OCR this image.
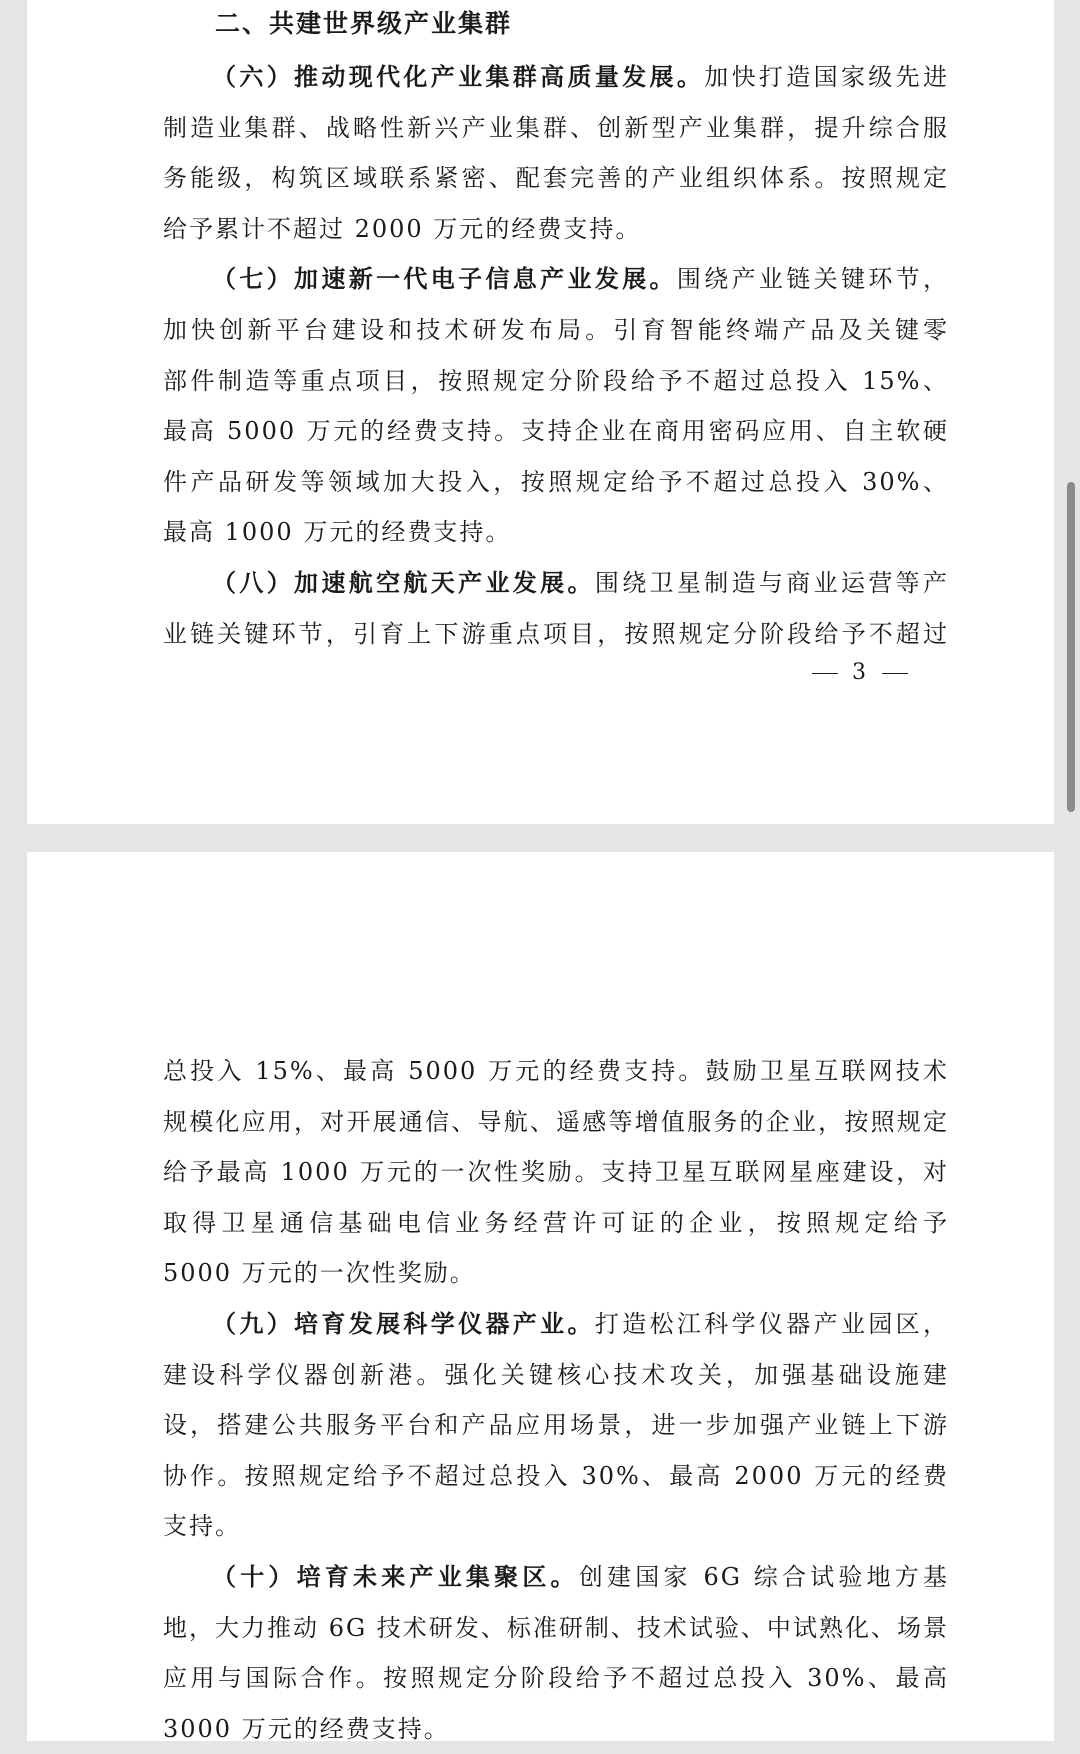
二、共建世界级产业集群
（六）推动现代化产业集群高质量发展。加快打造国家级先进
制造业集群、战略性新兴产业集群、创新型产业集群，提升综合服
务能级，构筑区域联系紧密、配套完善的产业组织体系。按照规定
给予累计不超过 2000 万元的经费支持。
（七）加速新一代电子信息产业发展。围绕产业链关键环节，
加快创新平台建设和技术研发布局。引育智能终端产品及关键零
部件制造等重点项目，按照规定分阶段给予不超过总投入 15%、
最高 5000 万元的经费支持。支持企业在商用密码应用、自主软硬
件产品研发等领域加大投入，按照规定给予不超过总投入 30%、
最高 1000 万元的经费支持。
（八）加速航空航天产业发展。围绕卫星制造与商业运营等产
业链关键环节，引育上下游重点项目，按照规定分阶段给予不超过
3
总投入 15%、最高 5000 万元的经费支持。鼓励卫星互联网技术
规模化应用，对开展通信、导航、遥感等增值服务的企业，按照规定
给予最高 1000 万元的一次性奖励。支持卫星互联网星座建设，对
取得卫星通信基础电信业务经营许可证的企业，按照规定给予
5000 万元的一次性奖励。
（九）培育发展科学仪器产业。打造松江科学仪器产业园区，
建设科学仪器创新港。强化关键核心技术攻关，加强基础设施建
设，搭建公共服务平台和产品应用场景，进一步加强产业链上下游
协作。按照规定给予不超过总投入 30%、最高 2000 万元的经费
支持。
（十）培育未来产业集聚区。创建国家 6G 综合试验地方基
地，大力推动 6G 技术研发、标准研制、技术试验、中试熟化、场景
应用与国际合作。按照规定分阶段给予不超过总投入 30%、最高
3000 万元的经费支持。
